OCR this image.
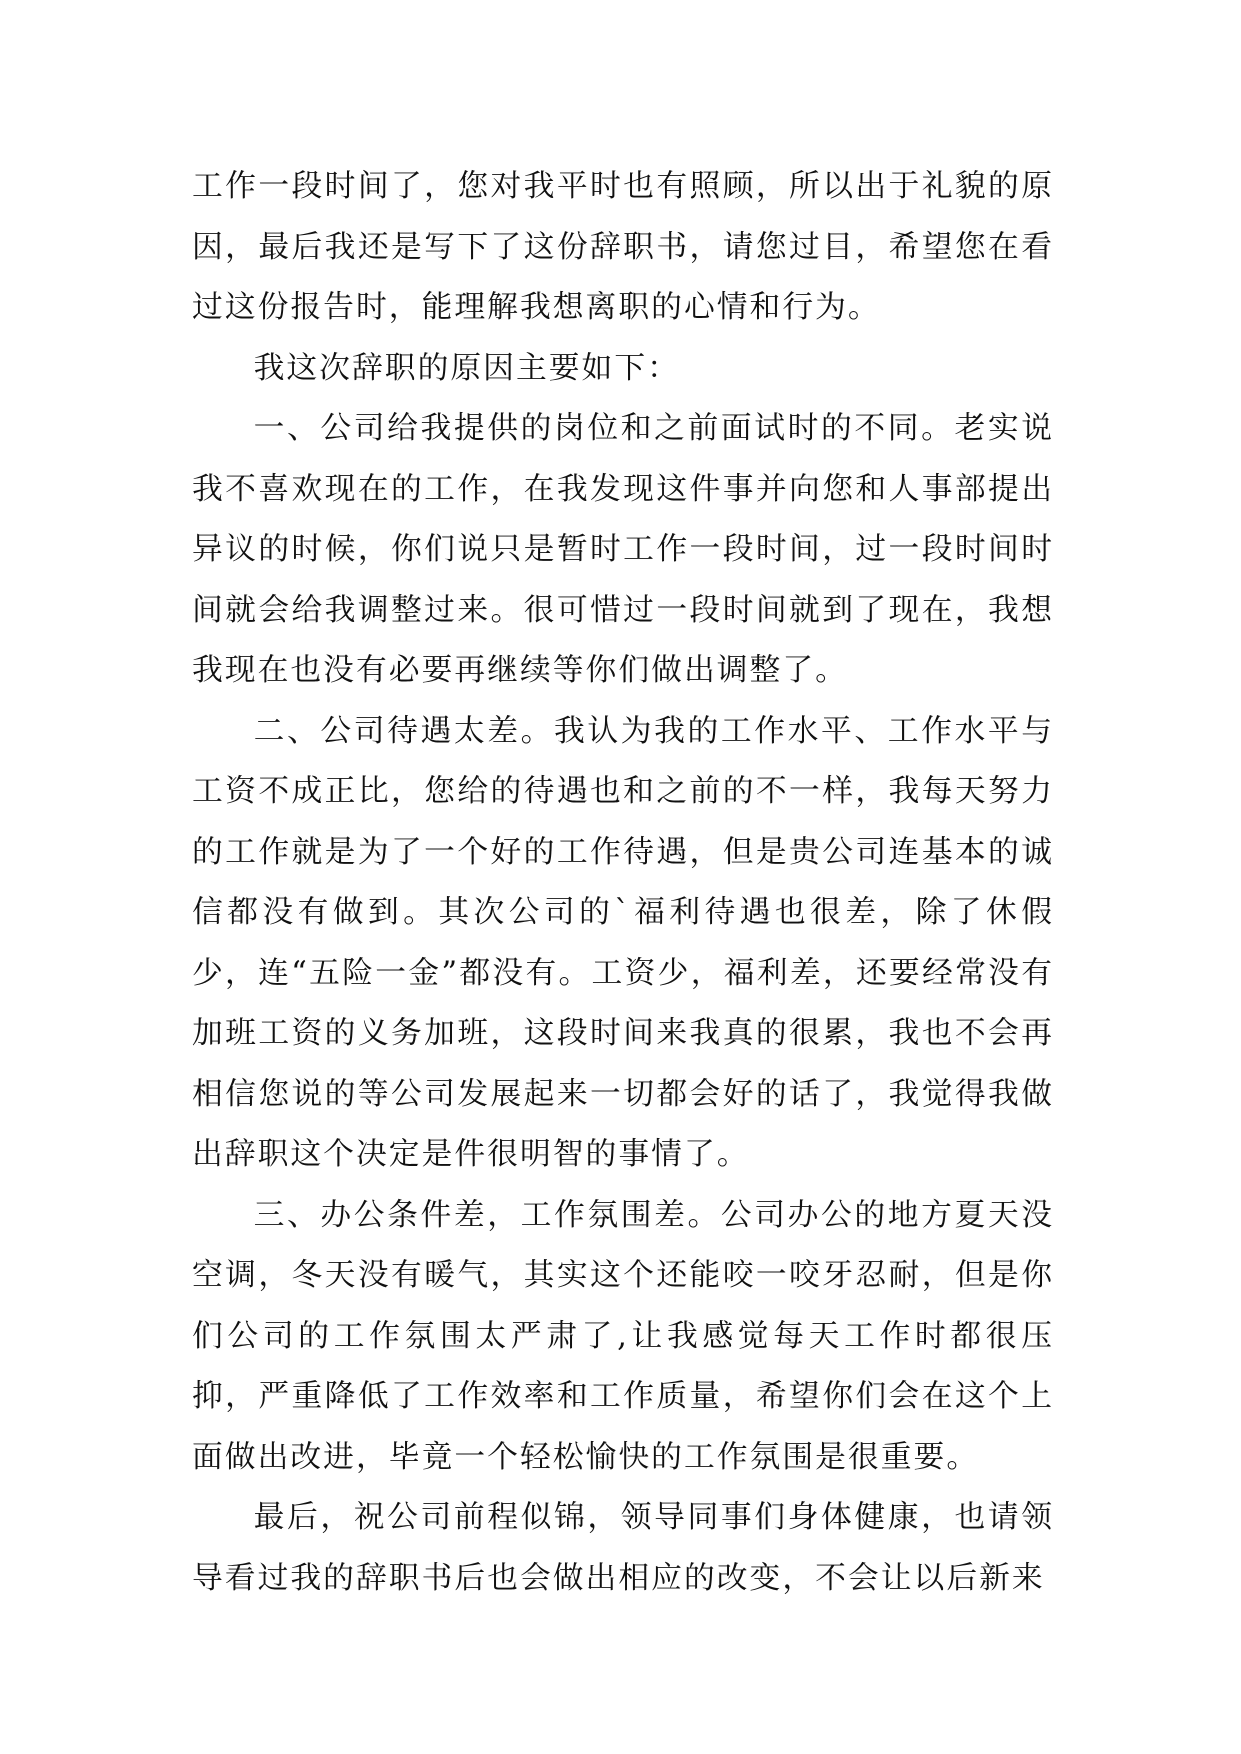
工作一段时间了，您对我平时也有照顾，所以出于礼貌的原因，最后我还是写下了这份辞职书，请您过目，希望您在看过这份报告时，能理解我想离职的心情和行为。

我这次辞职的原因主要如下：

一、公司给我提供的岗位和之前面试时的不同。老实说我不喜欢现在的工作，在我发现这件事并向您和人事部提出异议的时候，你们说只是暂时工作一段时间，过一段时间时间就会给我调整过来。很可惜过一段时间就到了现在，我想我现在也没有必要再继续等你们做出调整了。

二、公司待遇太差。我认为我的工作水平、工作水平与工资不成正比，您给的待遇也和之前的不一样，我每天努力的工作就是为了一个好的工作待遇，但是贵公司连基本的诚信都没有做到。其次公司的`福利待遇也很差，除了休假少，连“五险一金”都没有。工资少，福利差，还要经常没有加班工资的义务加班，这段时间来我真的很累，我也不会再相信您说的等公司发展起来一切都会好的话了，我觉得我做出辞职这个决定是件很明智的事情了。

三、办公条件差，工作氛围差。公司办公的地方夏天没空调，冬天没有暖气，其实这个还能咬一咬牙忍耐，但是你们公司的工作氛围太严肃了,让我感觉每天工作时都很压抑，严重降低了工作效率和工作质量，希望你们会在这个上面做出改进，毕竟一个轻松愉快的工作氛围是很重要。

最后，祝公司前程似锦，领导同事们身体健康，也请领导看过我的辞职书后也会做出相应的改变，不会让以后新来
